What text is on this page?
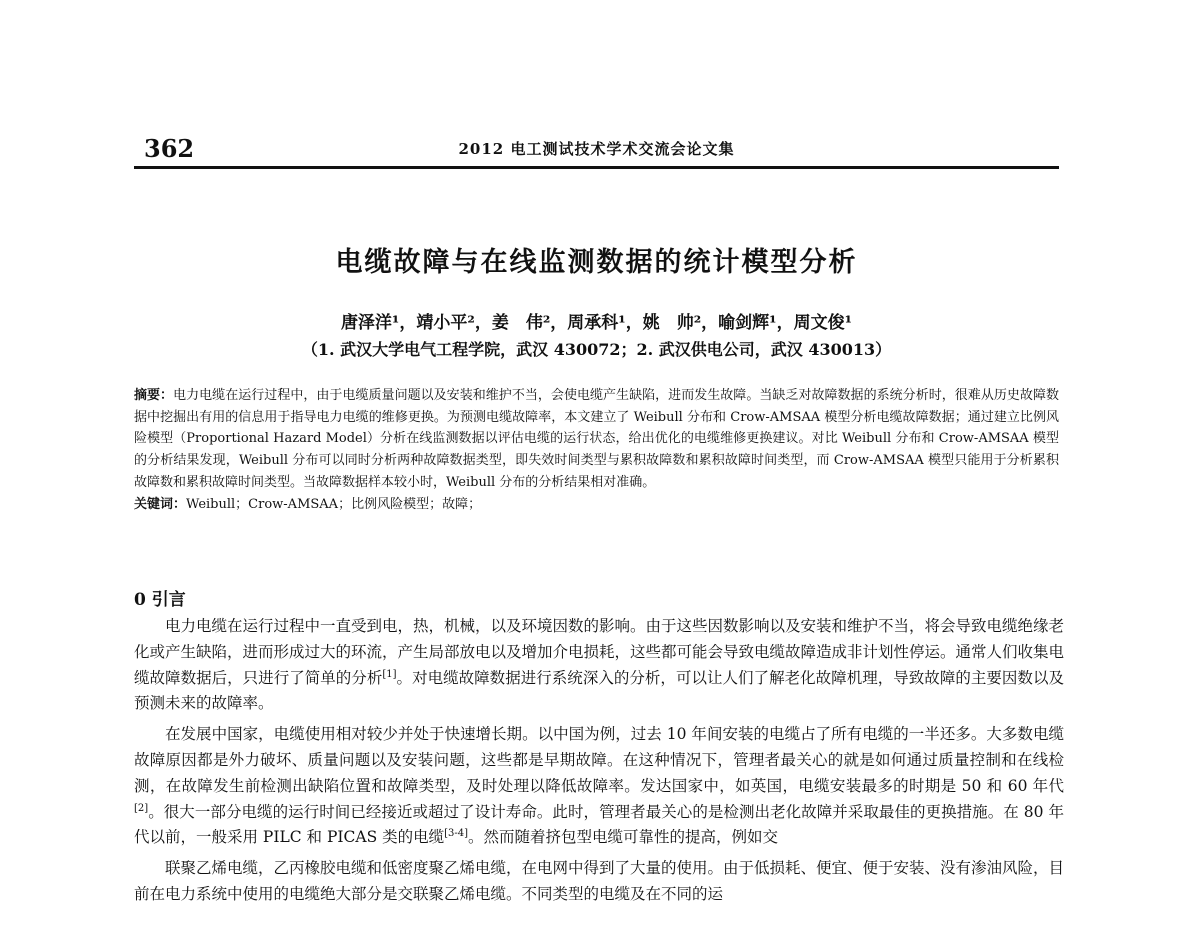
362	2012 电工测试技术学术交流会论文集
电缆故障与在线监测数据的统计模型分析
唐泽洋¹，靖小平²，姜　伟²，周承科¹，姚　帅²，喻剑辉¹，周文俊¹
（1. 武汉大学电气工程学院，武汉 430072；2. 武汉供电公司，武汉 430013）
摘要：电力电缆在运行过程中，由于电缆质量问题以及安装和维护不当，会使电缆产生缺陷，进而发生故障。当缺乏对故障数据的系统分析时，很难从历史故障数据中挖掘出有用的信息用于指导电力电缆的维修更换。为预测电缆故障率，本文建立了 Weibull 分布和 Crow-AMSAA 模型分析电缆故障数据；通过建立比例风险模型（Proportional Hazard Model）分析在线监测数据以评估电缆的运行状态，给出优化的电缆维修更换建议。对比 Weibull 分布和 Crow-AMSAA 模型的分析结果发现，Weibull 分布可以同时分析两种故障数据类型，即失效时间类型与累积故障数和累积故障时间类型，而 Crow-AMSAA 模型只能用于分析累积故障数和累积故障时间类型。当故障数据样本较小时，Weibull 分布的分析结果相对准确。
关键词：Weibull；Crow-AMSAA；比例风险模型；故障；
0 引言

电力电缆在运行过程中一直受到电，热，机械，以及环境因数的影响。由于这些因数影响以及安装和维护不当，将会导致电缆绝缘老化或产生缺陷，进而形成过大的环流，产生局部放电以及增加介电损耗，这些都可能会导致电缆故障造成非计划性停运。通常人们收集电缆故障数据后，只进行了简单的分析[1]。对电缆故障数据进行系统深入的分析，可以让人们了解老化故障机理，导致故障的主要因数以及预测未来的故障率。

在发展中国家，电缆使用相对较少并处于快速增长期。以中国为例，过去 10 年间安装的电缆占了所有电缆的一半还多。大多数电缆故障原因都是外力破坏、质量问题以及安装问题，这些都是早期故障。在这种情况下，管理者最关心的就是如何通过质量控制和在线检测，在故障发生前检测出缺陷位置和故障类型，及时处理以降低故障率。发达国家中，如英国，电缆安装最多的时期是 50 和 60 年代[2]。很大一部分电缆的运行时间已经接近或超过了设计寿命。此时，管理者最关心的是检测出老化故障并采取最佳的更换措施。在 80 年代以前，一般采用 PILC 和 PICAS 类的电缆[3-4]。然而随着挤包型电缆可靠性的提高，例如交

联聚乙烯电缆，乙丙橡胶电缆和低密度聚乙烯电缆，在电网中得到了大量的使用。由于低损耗、便宜、便于安装、没有渗油风险，目前在电力系统中使用的电缆绝大部分是交联聚乙烯电缆。不同类型的电缆及在不同的运
